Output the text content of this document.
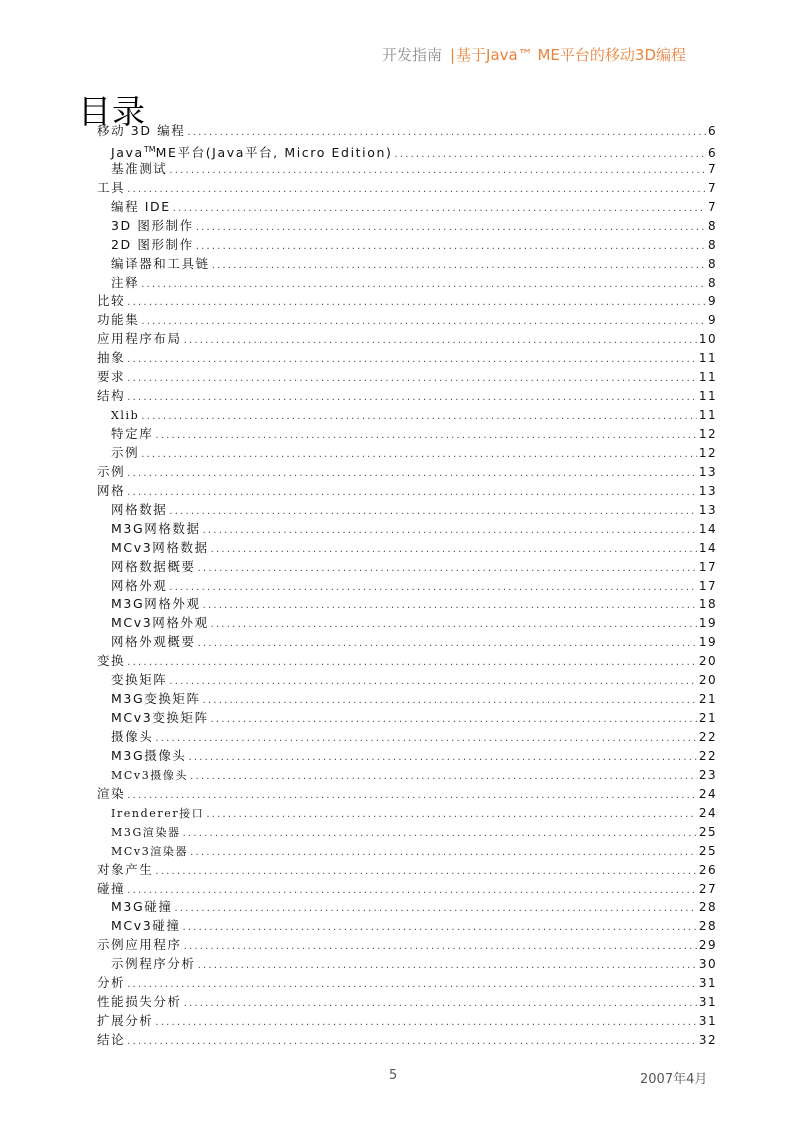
开发指南 |基于Java™ ME平台的移动3D编程
目录
移动 3D 编程 .....	6
Java™ME平台(Java平台, Micro Edition) .....	6
基准测试 .....	7
工具 .....	7
编程 IDE .....	7
3D 图形制作 .....	8
2D 图形制作 .....	8
编译器和工具链 .....	8
注释 .....	8
比较 .....	9
功能集 .....	9
应用程序布局 .....	10
抽象 .....	11
要求 .....	11
结构 .....	11
Xlib .....	11
特定库 .....	12
示例 .....	12
示例 .....	13
网格 .....	13
网格数据 .....	13
M3G网格数据 .....	14
MCv3网格数据 .....	14
网格数据概要 .....	17
网格外观 .....	17
M3G网格外观 .....	18
MCv3网格外观 .....	19
网格外观概要 .....	19
变换 .....	20
变换矩阵 .....	20
M3G变换矩阵 .....	21
MCv3变换矩阵 .....	21
摄像头 .....	22
M3G摄像头 .....	22
MCv3摄像头 .....	23
渲染 .....	24
Irenderer接口 .....	24
M3G渲染器 .....	25
MCv3渲染器 .....	25
对象产生 .....	26
碰撞 .....	27
M3G碰撞 .....	28
MCv3碰撞 .....	28
示例应用程序 .....	29
示例程序分析 .....	30
分析 .....	31
性能损失分析 .....	31
扩展分析 .....	31
结论 .....	32
5	2007年4月
